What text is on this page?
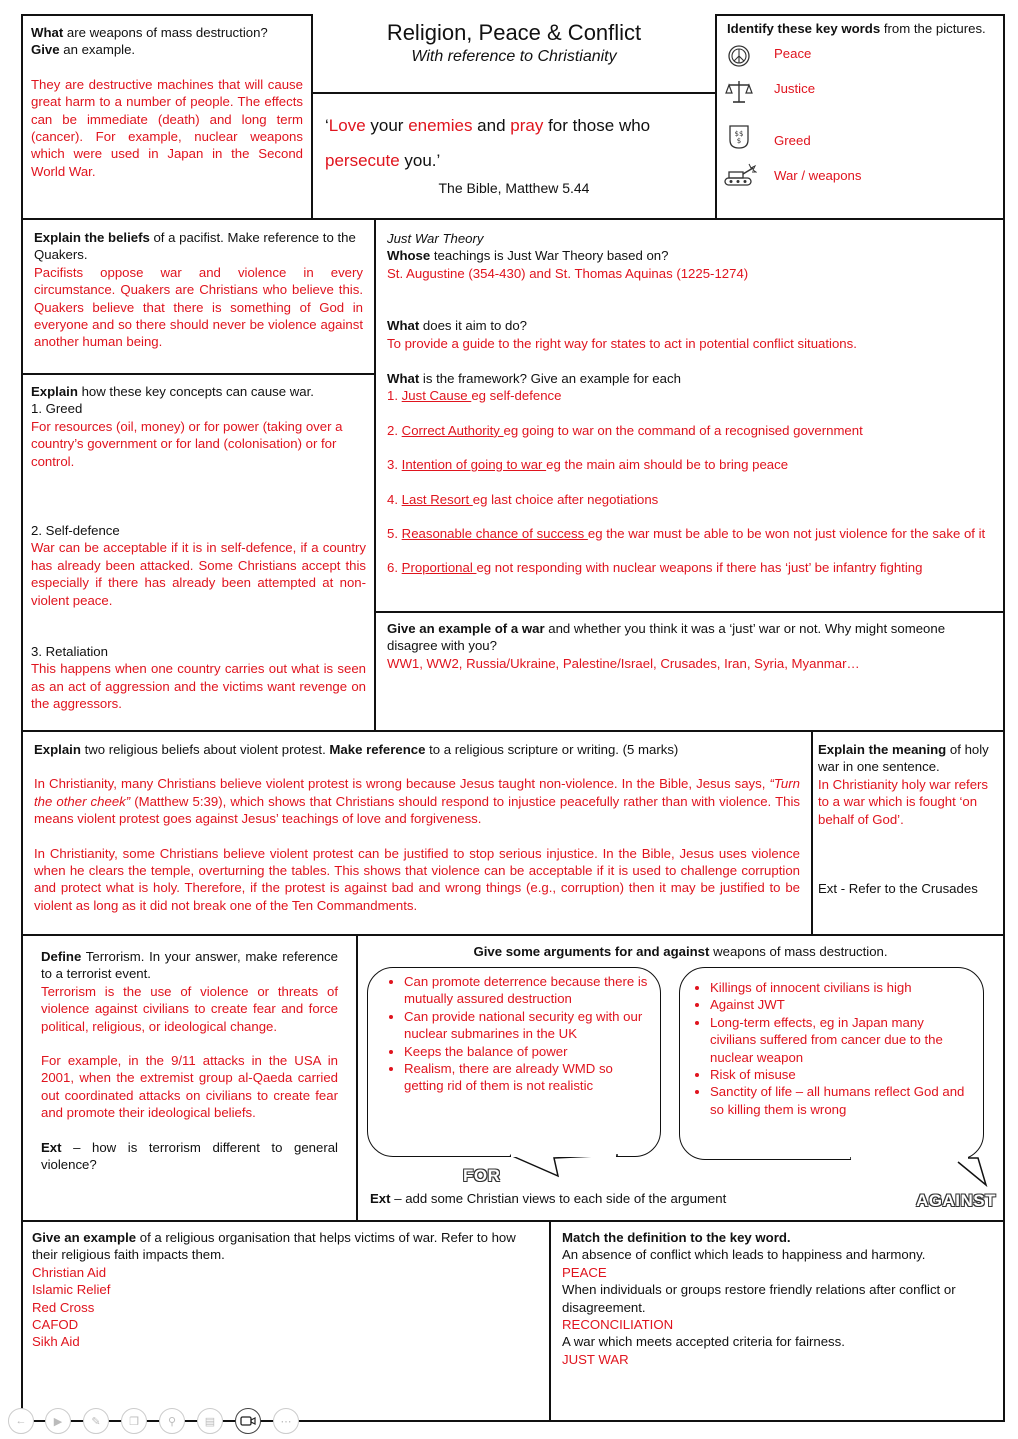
What are weapons of mass destruction?
Give an example.

They are destructive machines that will cause great harm to a number of people. The effects can be immediate (death) and long term (cancer). For example, nuclear weapons which were used in Japan in the Second World War.

Religion, Peace & Conflict
With reference to Christianity

‘Love your enemies and pray for those who
persecute you.’

The Bible, Matthew 5.44

Identify these key words from the pictures.

Peace
Justice
$$
$ Greed
War / weapons

Explain the beliefs of a pacifist. Make reference to the Quakers.

Pacifists oppose war and violence in every circumstance. Quakers are Christians who believe this. Quakers believe that there is something of God in everyone and so there should never be violence against another human being.

Explain how these key concepts can cause war.

1. Greed

For resources (oil, money) or for power (taking over a country’s government or for land (colonisation) or for control.

2. Self-defence

War can be acceptable if it is in self-defence, if a country has already been attacked. Some Christians accept this especially if there has already been attempted at non-violent peace.

3. Retaliation

This happens when one country carries out what is seen as an act of aggression and the victims want revenge on the aggressors.

Just War Theory

Whose teachings is Just War Theory based on?

St. Augustine (354-430) and St. Thomas Aquinas (1225-1274)

What does it aim to do?

To provide a guide to the right way for states to act in potential conflict situations.

What is the framework? Give an example for each

1. Just Cause eg self-defence

2. Correct Authority eg going to war on the command of a recognised government

3. Intention of going to war eg the main aim should be to bring peace

4. Last Resort eg last choice after negotiations

5. Reasonable chance of success eg the war must be able to be won not just violence for the sake of it

6. Proportional eg not responding with nuclear weapons if there has ‘just’ be infantry fighting

Give an example of a war and whether you think it was a ‘just’ war or not. Why might someone disagree with you?

WW1, WW2, Russia/Ukraine, Palestine/Israel, Crusades, Iran, Syria, Myanmar…

Explain two religious beliefs about violent protest. Make reference to a religious scripture or writing. (5 marks)

In Christianity, many Christians believe violent protest is wrong because Jesus taught non-violence. In the Bible, Jesus says, “Turn the other cheek” (Matthew 5:39), which shows that Christians should respond to injustice peacefully rather than with violence. This means violent protest goes against Jesus’ teachings of love and forgiveness.

In Christianity, some Christians believe violent protest can be justified to stop serious injustice. In the Bible, Jesus uses violence when he clears the temple, overturning the tables. This shows that violence can be acceptable if it is used to challenge corruption and protect what is holy. Therefore, if the protest is against bad and wrong things (e.g., corruption) then it may be justified to be violent as long as it did not break one of the Ten Commandments.

Explain the meaning of holy war in one sentence.

In Christianity holy war refers to a war which is fought ‘on behalf of God’.

Ext - Refer to the Crusades

Define Terrorism. In your answer, make reference to a terrorist event.

Terrorism is the use of violence or threats of violence against civilians to create fear and force political, religious, or ideological change.

For example, in the 9/11 attacks in the USA in 2001, when the extremist group al-Qaeda carried out coordinated attacks on civilians to create fear and promote their ideological beliefs.

Ext – how is terrorism different to general violence?

Give some arguments for and against weapons of mass destruction.

• Can promote deterrence because there is mutually assured destruction
• Can provide national security eg with our nuclear submarines in the UK
• Keeps the balance of power
• Realism, there are already WMD so getting rid of them is not realistic
FOR
• Killings of innocent civilians is high
• Against JWT
• Long-term effects, eg in Japan many civilians suffered from cancer due to the nuclear weapon
• Risk of misuse
• Sanctity of life – all humans reflect God and so killing them is wrong
AGAINST

Ext – add some Christian views to each side of the argument

Give an example of a religious organisation that helps victims of war. Refer to how their religious faith impacts them.

Christian Aid

Islamic Relief

Red Cross

CAFOD

Sikh Aid

Match the definition to the key word.

An absence of conflict which leads to happiness and harmony.

PEACE

When individuals or groups restore friendly relations after conflict or disagreement.

RECONCILIATION

A war which meets accepted criteria for fairness.

JUST WAR

←	▶	✎	❐	⚲	▤	⋯
